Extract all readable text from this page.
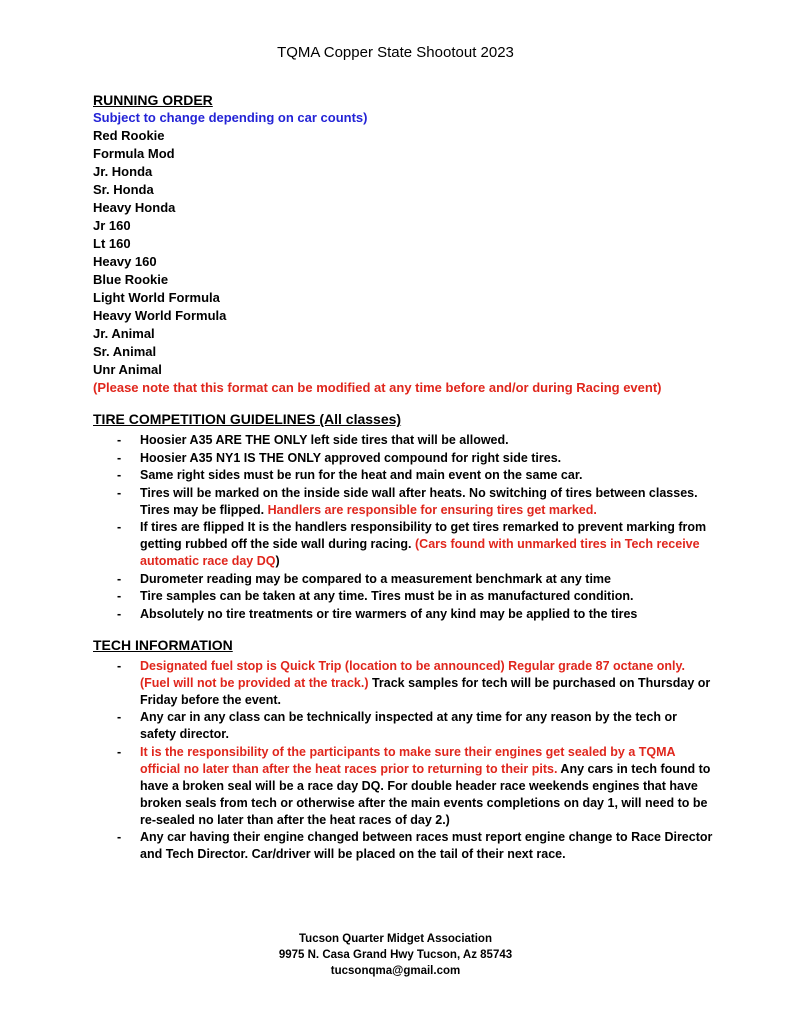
TQMA Copper State Shootout 2023

RUNNING ORDER

Subject to change depending on car counts)
Red Rookie
Formula Mod
Jr. Honda
Sr. Honda
Heavy Honda
Jr 160
Lt 160
Heavy 160
Blue Rookie
Light World Formula
Heavy World Formula
Jr. Animal
Sr. Animal
Unr Animal
(Please note that this format can be modified at any time before and/or during Racing event)

TIRE COMPETITION GUIDELINES (All classes)

- Hoosier A35 ARE THE ONLY left side tires that will be allowed.
- Hoosier A35 NY1 IS THE ONLY approved compound for right side tires.
- Same right sides must be run for the heat and main event on the same car.
- Tires will be marked on the inside side wall after heats. No switching of tires between classes. Tires may be flipped. Handlers are responsible for ensuring tires get marked.
- If tires are flipped It is the handlers responsibility to get tires remarked to prevent marking from getting rubbed off the side wall during racing. (Cars found with unmarked tires in Tech receive automatic race day DQ)
- Durometer reading may be compared to a measurement benchmark at any time
- Tire samples can be taken at any time. Tires must be in as manufactured condition.
- Absolutely no tire treatments or tire warmers of any kind may be applied to the tires

TECH INFORMATION

- Designated fuel stop is Quick Trip (location to be announced) Regular grade 87 octane only. (Fuel will not be provided at the track.) Track samples for tech will be purchased on Thursday or Friday before the event.
- Any car in any class can be technically inspected at any time for any reason by the tech or safety director.
- It is the responsibility of the participants to make sure their engines get sealed by a TQMA official no later than after the heat races prior to returning to their pits. Any cars in tech found to have a broken seal will be a race day DQ. For double header race weekends engines that have broken seals from tech or otherwise after the main events completions on day 1, will need to be re-sealed no later than after the heat races of day 2.)
- Any car having their engine changed between races must report engine change to Race Director and Tech Director. Car/driver will be placed on the tail of their next race.
Tucson Quarter Midget Association
9975 N. Casa Grand Hwy Tucson, Az 85743
tucsonqma@gmail.com
